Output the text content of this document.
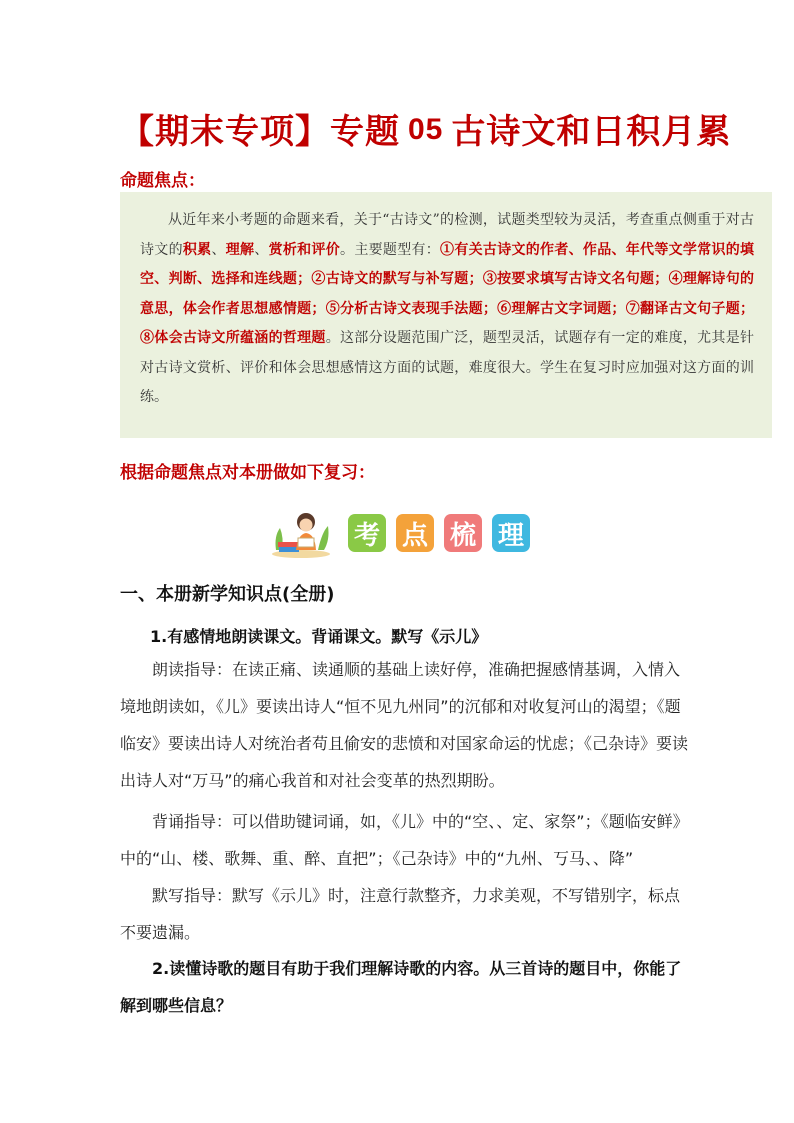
【期末专项】专题 05 古诗文和日积月累
命题焦点：

从近年来小考题的命题来看，关于“古诗文”的检测，试题类型较为灵活，考查重点侧重于对古诗文的积累、理解、赏析和评价。主要题型有：①有关古诗文的作者、作品、年代等文学常识的填空、判断、选择和连线题；②古诗文的默写与补写题；③按要求填写古诗文名句题；④理解诗句的意思，体会作者思想感情题；⑤分析古诗文表现手法题；⑥理解古文字词题；⑦翻译古文句子题；⑧体会古诗文所蕴涵的哲理题。这部分设题范围广泛，题型灵活，试题存有一定的难度，尤其是针对古诗文赏析、评价和体会思想感情这方面的试题，难度很大。学生在复习时应加强对这方面的训练。

根据命题焦点对本册做如下复习：
考 点 梳 理
一、本册新学知识点(全册)
1.有感情地朗读课文。背诵课文。默写《示儿》

朗读指导：在读正痛、读通顺的基础上读好停，准确把握感情基调，入情入境地朗读如，《儿》要读出诗人“恒不见九州同”的沉郁和对收复河山的渴望；《题临安》要读出诗人对统治者苟且偷安的悲愤和对国家命运的忧虑；《己杂诗》要读出诗人对“万马”的痛心我首和对社会变革的热烈期盼。

背诵指导：可以借助键词诵，如，《儿》中的“空、、定、家祭”；《题临安鲜》中的“山、楼、歌舞、重、醉、直把”；《己杂诗》中的“九州、丂马、、降”

默写指导：默写《示儿》时，注意行款整齐，力求美观，不写错别字，标点不要遗漏。

2.读懂诗歌的题目有助于我们理解诗歌的内容。从三首诗的题目中，你能了解到哪些信息？
